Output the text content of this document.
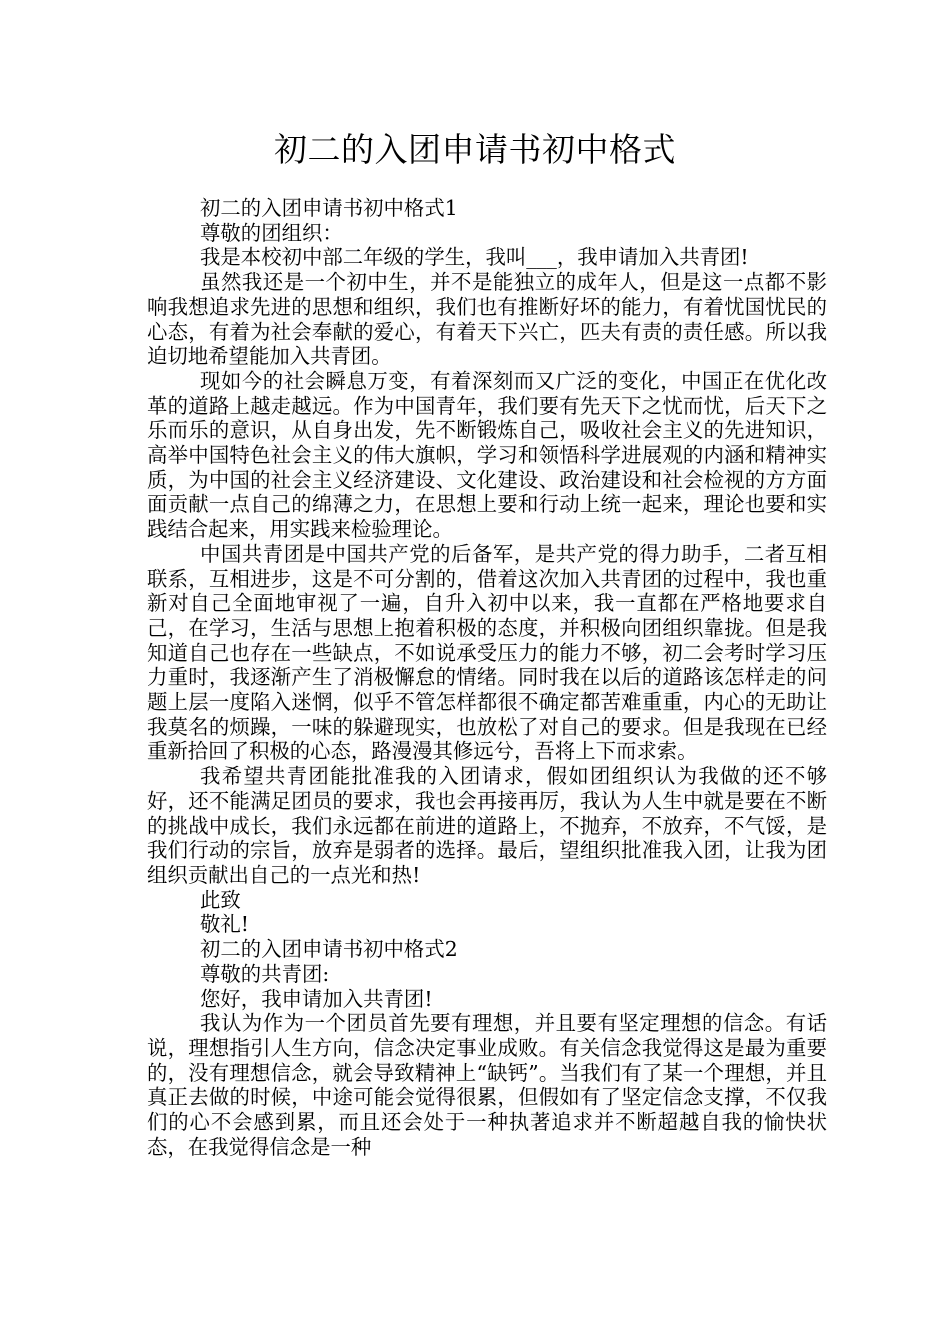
初二的入团申请书初中格式

初二的入团申请书初中格式1

尊敬的团组织：

我是本校初中部二年级的学生，我叫___，我申请加入共青团!

虽然我还是一个初中生，并不是能独立的成年人，但是这一点都不影响我想追求先进的思想和组织，我们也有推断好坏的能力，有着忧国忧民的心态，有着为社会奉献的爱心，有着天下兴亡，匹夫有责的责任感。所以我迫切地希望能加入共青团。

现如今的社会瞬息万变，有着深刻而又广泛的变化，中国正在优化改革的道路上越走越远。作为中国青年，我们要有先天下之忧而忧，后天下之乐而乐的意识，从自身出发，先不断锻炼自己，吸收社会主义的先进知识，高举中国特色社会主义的伟大旗帜，学习和领悟科学进展观的内涵和精神实质，为中国的社会主义经济建设、文化建设、政治建设和社会检视的方方面面贡献一点自己的绵薄之力，在思想上要和行动上统一起来，理论也要和实践结合起来，用实践来检验理论。

中国共青团是中国共产党的后备军，是共产党的得力助手，二者互相联系，互相进步，这是不可分割的，借着这次加入共青团的过程中，我也重新对自己全面地审视了一遍，自升入初中以来，我一直都在严格地要求自己，在学习，生活与思想上抱着积极的态度，并积极向团组织靠拢。但是我知道自己也存在一些缺点，不如说承受压力的能力不够，初二会考时学习压力重时，我逐渐产生了消极懈怠的情绪。同时我在以后的道路该怎样走的问题上层一度陷入迷惘，似乎不管怎样都很不确定都苦难重重，内心的无助让我莫名的烦躁，一味的躲避现实，也放松了对自己的要求。但是我现在已经重新拾回了积极的心态，路漫漫其修远兮，吾将上下而求索。

我希望共青团能批准我的入团请求，假如团组织认为我做的还不够好，还不能满足团员的要求，我也会再接再厉，我认为人生中就是要在不断的挑战中成长，我们永远都在前进的道路上，不抛弃，不放弃，不气馁，是我们行动的宗旨，放弃是弱者的选择。最后，望组织批准我入团，让我为团组织贡献出自己的一点光和热!

此致

敬礼!

初二的入团申请书初中格式2

尊敬的共青团:

您好，我申请加入共青团!

我认为作为一个团员首先要有理想，并且要有坚定理想的信念。有话说，理想指引人生方向，信念决定事业成败。有关信念我觉得这是最为重要的，没有理想信念，就会导致精神上“缺钙”。当我们有了某一个理想，并且真正去做的时候，中途可能会觉得很累，但假如有了坚定信念支撑，不仅我们的心不会感到累，而且还会处于一种执著追求并不断超越自我的愉快状态，在我觉得信念是一种
